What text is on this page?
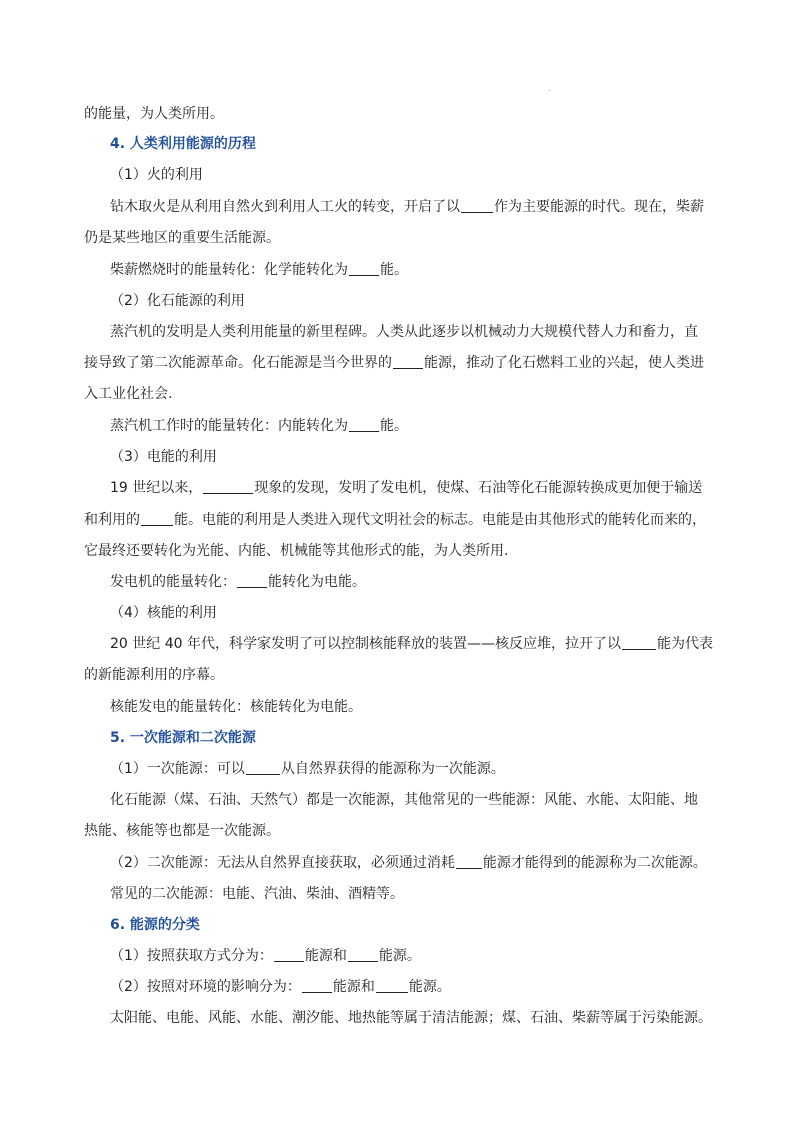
.
的能量，为人类所用。
4. 人类利用能源的历程
（1）火的利用
钻木取火是从利用自然火到利用人工火的转变，开启了以 作为主要能源的时代。现在，柴薪
仍是某些地区的重要生活能源。
柴薪燃烧时的能量转化：化学能转化为 能。
（2）化石能源的利用
蒸汽机的发明是人类利用能量的新里程碑。人类从此逐步以机械动力大规模代替人力和畜力，直
接导致了第二次能源革命。化石能源是当今世界的 能源，推动了化石燃料工业的兴起，使人类进
入工业化社会.
蒸汽机工作时的能量转化：内能转化为 能。
（3）电能的利用
19 世纪以来，	现象的发现，发明了发电机，使煤、石油等化石能源转换成更加便于输送
和利用的 能。电能的利用是人类进入现代文明社会的标志。电能是由其他形式的能转化而来的，
它最终还要转化为光能、内能、机械能等其他形式的能，为人类所用.
发电机的能量转化： 能转化为电能。
（4）核能的利用
20 世纪 40 年代，科学家发明了可以控制核能释放的装置——核反应堆，拉开了以	能为代表
的新能源利用的序幕。
核能发电的能量转化：核能转化为电能。
5. 一次能源和二次能源
（1）一次能源：可以	从自然界获得的能源称为一次能源。
化石能源（煤、石油、天然气）都是一次能源，其他常见的一些能源：风能、水能、太阳能、地
热能、核能等也都是一次能源。
（2）二次能源：无法从自然界直接获取，必须通过消耗 能源才能得到的能源称为二次能源。
常见的二次能源：电能、汽油、柴油、酒精等。
6. 能源的分类
（1）按照获取方式分为： 能源和 能源。
（2）按照对环境的影响分为： 能源和 能源。
太阳能、电能、风能、水能、潮汐能、地热能等属于清洁能源；煤、石油、柴薪等属于污染能源。
